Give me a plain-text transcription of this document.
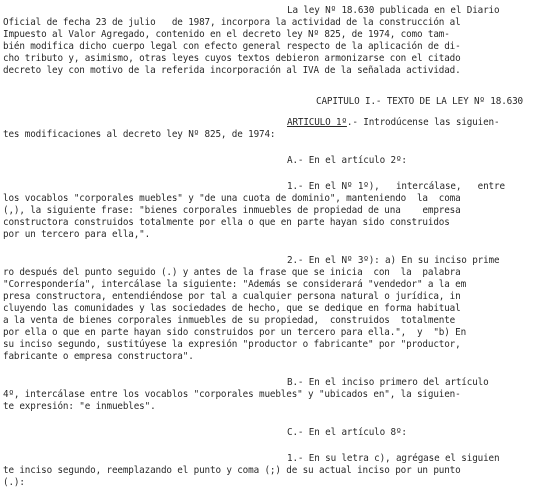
La ley Nº 18.630 publicada en el Diario
Oficial de fecha 23 de julio   de 1987, incorpora la actividad de la construcción al
Impuesto al Valor Agregado, contenido en el decreto ley Nº 825, de 1974, como tam-
bién modifica dicho cuerpo legal con efecto general respecto de la aplicación de di-
cho tributo y, asimismo, otras leyes cuyos textos debieron armonizarse con el citado
decreto ley con motivo de la referida incorporación al IVA de la señalada actividad.
CAPITULO I.- TEXTO DE LA LEY Nº 18.630
ARTICULO 1º.- Introdúcense las siguien-
tes modificaciones al decreto ley Nº 825, de 1974:
A.- En el artículo 2º:
1.- En el Nº 1º),   intercálase,   entre
los vocablos "corporales muebles" y "de una cuota de dominio", manteniendo  la  coma
(,), la siguiente frase: "bienes corporales inmuebles de propiedad de una    empresa
constructora construidos totalmente por ella o que en parte hayan sido construidos
por un tercero para ella,".
2.- En el Nº 3º): a) En su inciso prime
ro después del punto seguido (.) y antes de la frase que se inicia  con  la  palabra
"Correspondería", intercálase la siguiente: "Además se considerará "vendedor" a la em
presa constructora, entendiéndose por tal a cualquier persona natural o jurídica, in
cluyendo las comunidades y las sociedades de hecho, que se dedique en forma habitual
a la venta de bienes corporales inmuebles de su propiedad,  construidos  totalmente
por ella o que en parte hayan sido construidos por un tercero para ella.",  y  "b) En
su inciso segundo, sustitúyese la expresión "productor o fabricante" por "productor,
fabricante o empresa constructora".
B.- En el inciso primero del artículo
4º, intercálase entre los vocablos "corporales muebles" y "ubicados en", la siguien-
te expresión: "e inmuebles".
C.- En el artículo 8º:
1.- En su letra c), agrégase el siguien
te inciso segundo, reemplazando el punto y coma (;) de su actual inciso por un punto
(.):
